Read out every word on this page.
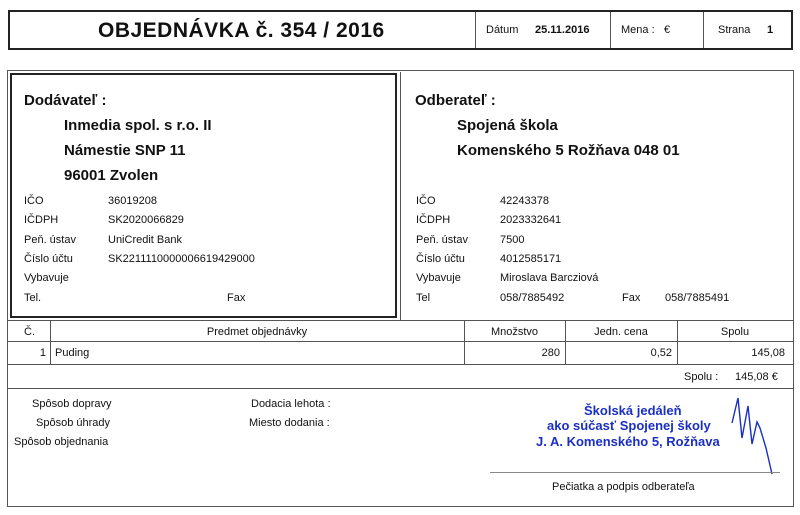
OBJEDNÁVKA č. 354 / 2016	Dátum 25.11.2016	Mena : €	Strana 1
Dodávateľ :
Inmedia spol. s r.o. II
Námestie SNP 11
96001 Zvolen
IČO	36019208
IČDPH	SK2020066829
Peň. ústav	UniCredit Bank
Číslo účtu	SK2211110000006619429000
Vybavuje
Tel.	Fax
Odberateľ :
Spojená škola
Komenského 5 Rožňava 048 01
IČO	42243378
IČDPH	2023332641
Peň. ústav	7500
Číslo účtu	4012585171
Vybavuje	Miroslava Barcziová
Tel	058/7885492	Fax 058/7885491
Č.	Predmet objednávky	Množstvo	Jedn. cena	Spolu
1 Puding	280	0,52	145,08
Spolu : 145,08 €
Spôsob dopravy
Spôsob úhrady
Spôsob objednania
Dodacia lehota :
Miesto dodania :
Školská jedáleň
ako súčasť Spojenej školy
J. A. Komenského 5, Rožňava
Pečiatka a podpis odberateľa
